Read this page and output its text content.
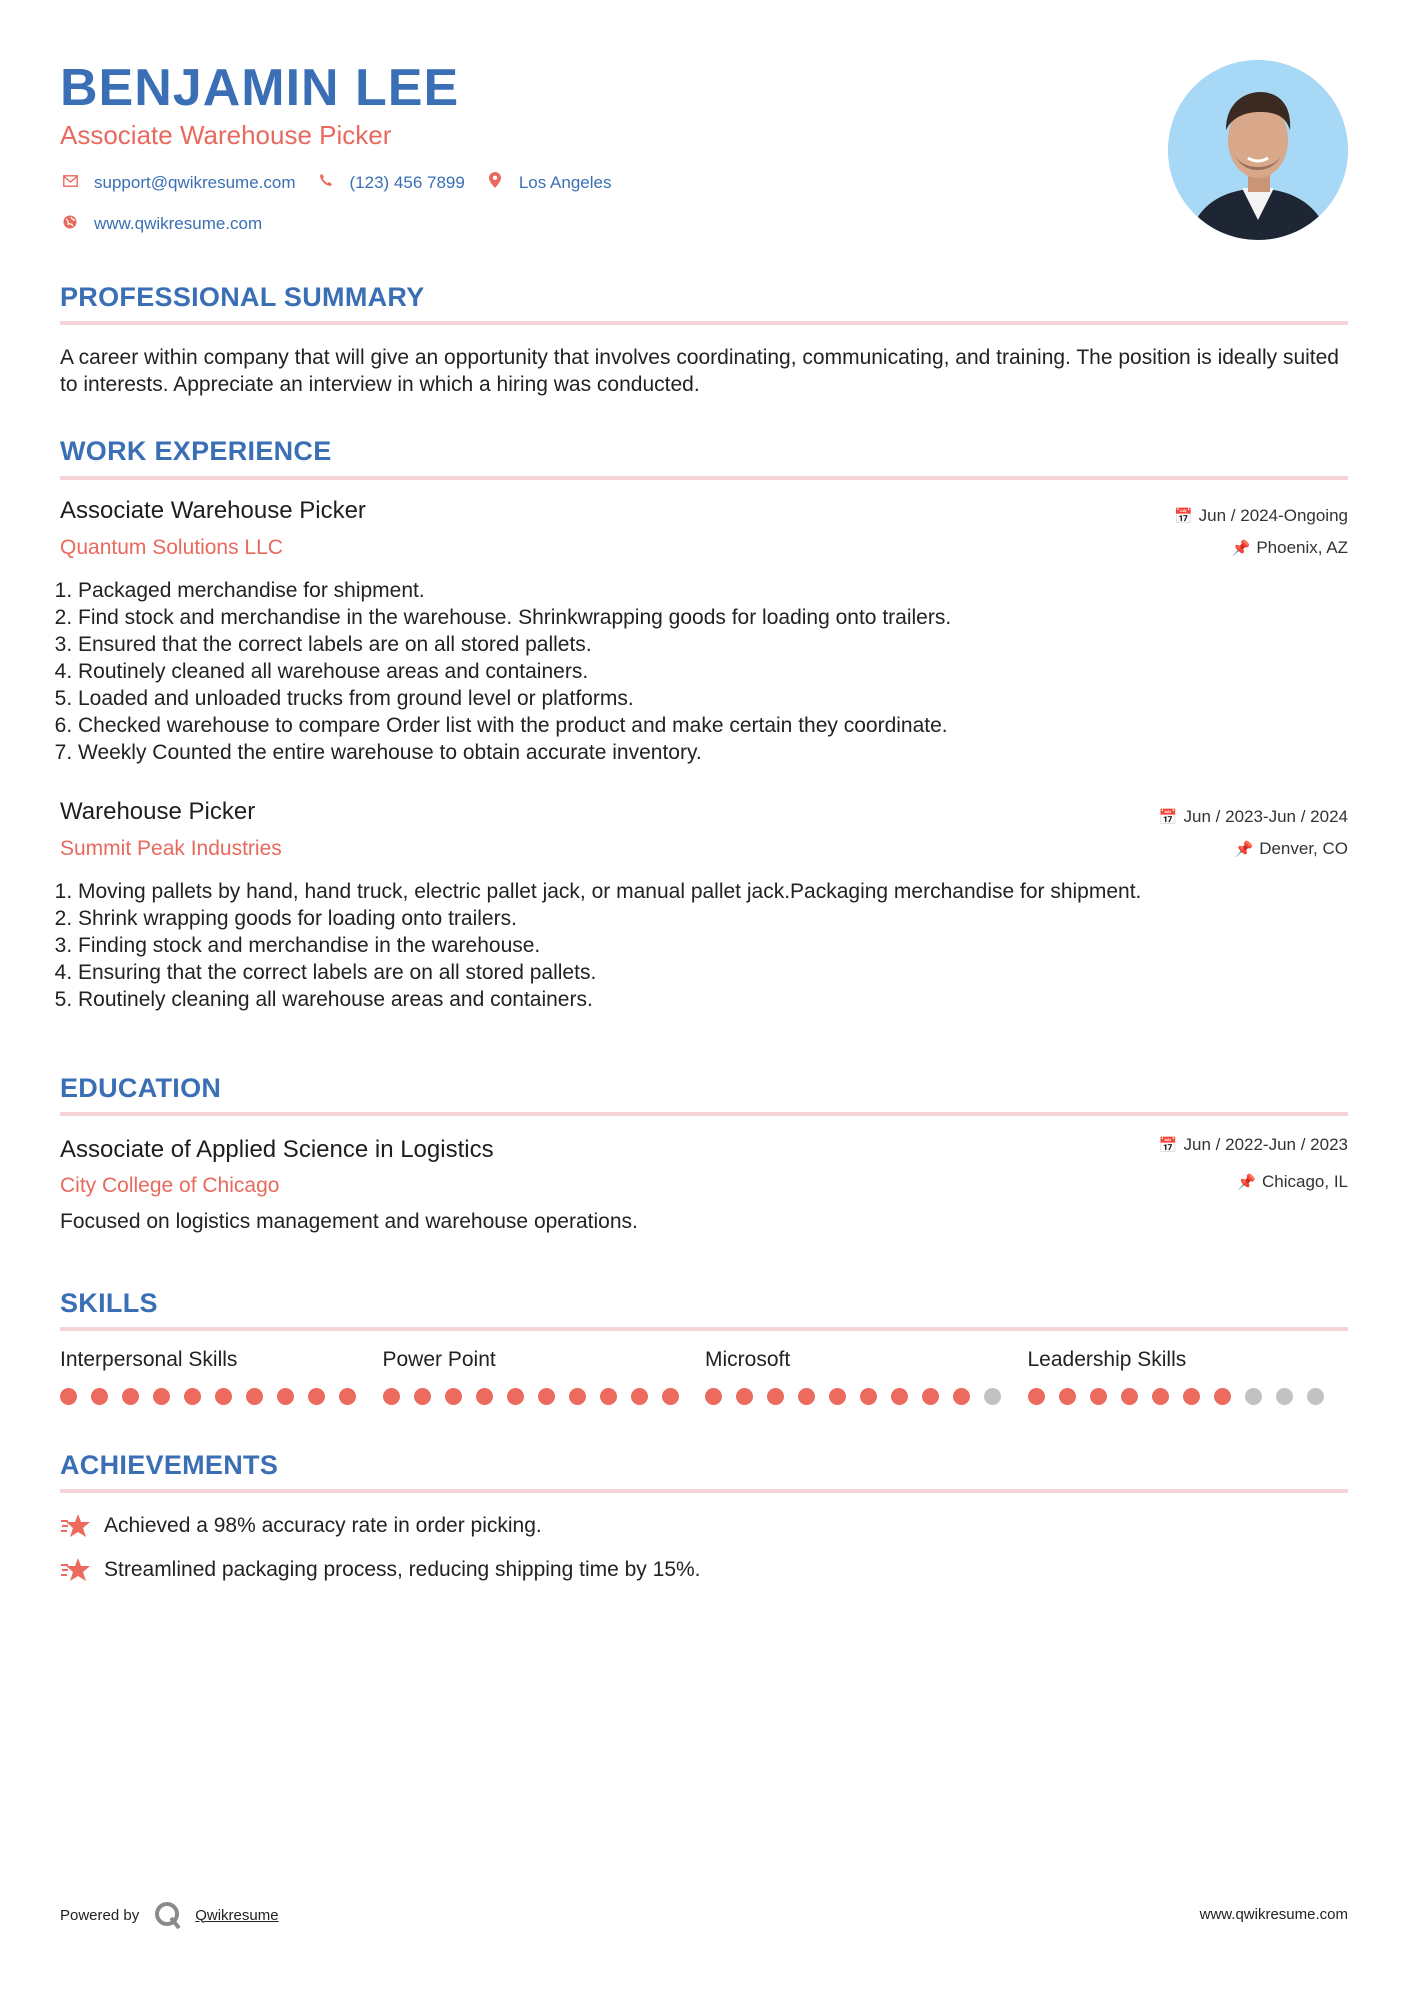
BENJAMIN LEE
Associate Warehouse Picker
support@qwikresume.com	(123) 456 7899	Los Angeles
www.qwikresume.com
PROFESSIONAL SUMMARY

A career within company that will give an opportunity that involves coordinating, communicating, and training. The position is ideally suited to interests. Appreciate an interview in which a hiring was conducted.

WORK EXPERIENCE
Associate Warehouse Picker
Quantum Solutions LLC
📅 Jun / 2024-Ongoing
📌 Phoenix, AZ
1. Packaged merchandise for shipment.
2. Find stock and merchandise in the warehouse. Shrinkwrapping goods for loading onto trailers.
3. Ensured that the correct labels are on all stored pallets.
4. Routinely cleaned all warehouse areas and containers.
5. Loaded and unloaded trucks from ground level or platforms.
6. Checked warehouse to compare Order list with the product and make certain they coordinate.
7. Weekly Counted the entire warehouse to obtain accurate inventory.
Warehouse Picker
Summit Peak Industries
📅 Jun / 2023-Jun / 2024
📌 Denver, CO
1. Moving pallets by hand, hand truck, electric pallet jack, or manual pallet jack.Packaging merchandise for shipment.
2. Shrink wrapping goods for loading onto trailers.
3. Finding stock and merchandise in the warehouse.
4. Ensuring that the correct labels are on all stored pallets.
5. Routinely cleaning all warehouse areas and containers.
EDUCATION
Associate of Applied Science in Logistics
City College of Chicago
📅 Jun / 2022-Jun / 2023
📌 Chicago, IL

Focused on logistics management and warehouse operations.

SKILLS
Interpersonal Skills	Power Point	Microsoft	Leadership Skills
ACHIEVEMENTS
Achieved a 98% accuracy rate in order picking.
Streamlined packaging process, reducing shipping time by 15%.
Powered by	Qwikresume	www.qwikresume.com
